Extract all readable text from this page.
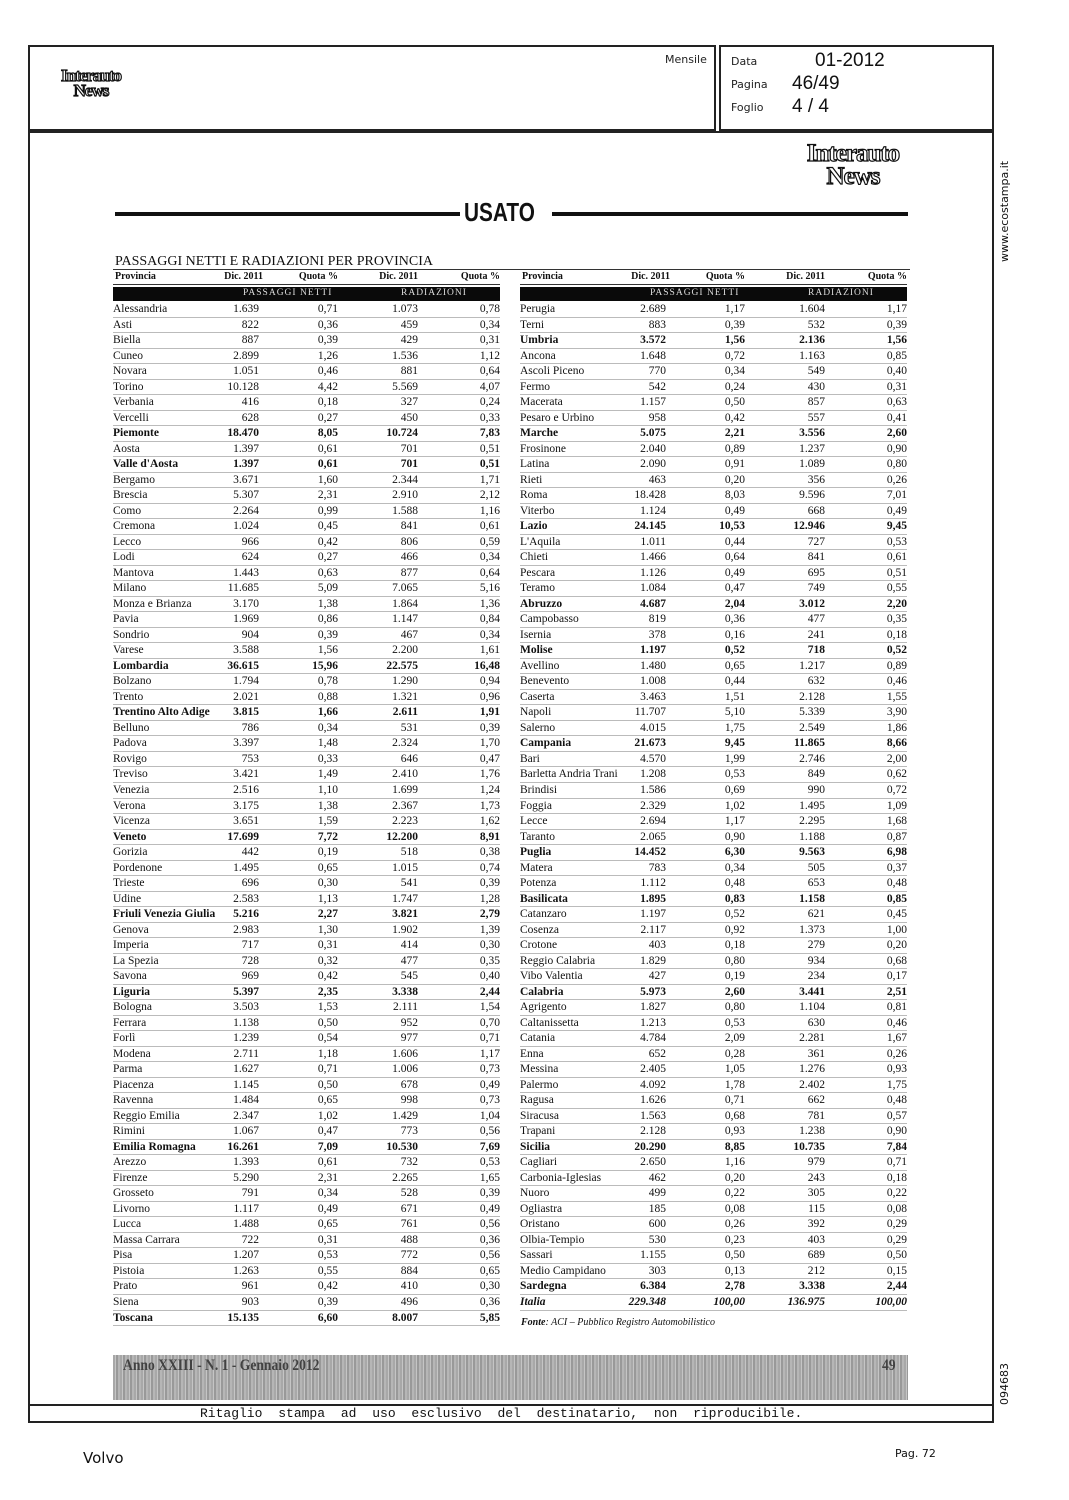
Interauto
News
Mensile Data	01-2012
Pagina 46/49
Foglio 4 / 4
www.ecostampa.it
094683
Interauto
News
USATO
PASSAGGI NETTI E RADIAZIONI PER PROVINCIA
Provincia	Dic. 2011	Quota %	Dic. 2011	Quota %
PASSAGGI NETTI	RADIAZIONI
Provincia	Dic. 2011	Quota %	Dic. 2011	Quota %
PASSAGGI NETTI	RADIAZIONI
Alessandria	1.639	0,71	1.073	0,78
Asti	822	0,36	459	0,34
Biella	887	0,39	429	0,31
Cuneo	2.899	1,26	1.536	1,12
Novara	1.051	0,46	881	0,64
Torino	10.128	4,42	5.569	4,07
Verbania	416	0,18	327	0,24
Vercelli	628	0,27	450	0,33
Piemonte	18.470	8,05	10.724	7,83
Aosta	1.397	0,61	701	0,51
Valle d'Aosta	1.397	0,61	701	0,51
Bergamo	3.671	1,60	2.344	1,71
Brescia	5.307	2,31	2.910	2,12
Como	2.264	0,99	1.588	1,16
Cremona	1.024	0,45	841	0,61
Lecco	966	0,42	806	0,59
Lodi	624	0,27	466	0,34
Mantova	1.443	0,63	877	0,64
Milano	11.685	5,09	7.065	5,16
Monza e Brianza	3.170	1,38	1.864	1,36
Pavia	1.969	0,86	1.147	0,84
Sondrio	904	0,39	467	0,34
Varese	3.588	1,56	2.200	1,61
Lombardia	36.615	15,96	22.575	16,48
Bolzano	1.794	0,78	1.290	0,94
Trento	2.021	0,88	1.321	0,96
Trentino Alto Adige 3.815	1,66	2.611	1,91
Belluno	786	0,34	531	0,39
Padova	3.397	1,48	2.324	1,70
Rovigo	753	0,33	646	0,47
Treviso	3.421	1,49	2.410	1,76
Venezia	2.516	1,10	1.699	1,24
Verona	3.175	1,38	2.367	1,73
Vicenza	3.651	1,59	2.223	1,62
Veneto	17.699	7,72	12.200	8,91
Gorizia	442	0,19	518	0,38
Pordenone	1.495	0,65	1.015	0,74
Trieste	696	0,30	541	0,39
Udine	2.583	1,13	1.747	1,28
Friuli Venezia Giulia 5.216	2,27	3.821	2,79
Genova	2.983	1,30	1.902	1,39
Imperia	717	0,31	414	0,30
La Spezia	728	0,32	477	0,35
Savona	969	0,42	545	0,40
Liguria	5.397	2,35	3.338	2,44
Bologna	3.503	1,53	2.111	1,54
Ferrara	1.138	0,50	952	0,70
Forlì	1.239	0,54	977	0,71
Modena	2.711	1,18	1.606	1,17
Parma	1.627	0,71	1.006	0,73
Piacenza	1.145	0,50	678	0,49
Ravenna	1.484	0,65	998	0,73
Reggio Emilia	2.347	1,02	1.429	1,04
Rimini	1.067	0,47	773	0,56
Emilia Romagna	16.261	7,09	10.530	7,69
Arezzo	1.393	0,61	732	0,53
Firenze	5.290	2,31	2.265	1,65
Grosseto	791	0,34	528	0,39
Livorno	1.117	0,49	671	0,49
Lucca	1.488	0,65	761	0,56
Massa Carrara	722	0,31	488	0,36
Pisa	1.207	0,53	772	0,56
Pistoia	1.263	0,55	884	0,65
Prato	961	0,42	410	0,30
Siena	903	0,39	496	0,36
Toscana	15.135	6,60	8.007	5,85
Perugia	2.689	1,17	1.604	1,17
Terni	883	0,39	532	0,39
Umbria	3.572	1,56	2.136	1,56
Ancona	1.648	0,72	1.163	0,85
Ascoli Piceno	770	0,34	549	0,40
Fermo	542	0,24	430	0,31
Macerata	1.157	0,50	857	0,63
Pesaro e Urbino	958	0,42	557	0,41
Marche	5.075	2,21	3.556	2,60
Frosinone	2.040	0,89	1.237	0,90
Latina	2.090	0,91	1.089	0,80
Rieti	463	0,20	356	0,26
Roma	18.428	8,03	9.596	7,01
Viterbo	1.124	0,49	668	0,49
Lazio	24.145	10,53	12.946	9,45
L'Aquila	1.011	0,44	727	0,53
Chieti	1.466	0,64	841	0,61
Pescara	1.126	0,49	695	0,51
Teramo	1.084	0,47	749	0,55
Abruzzo	4.687	2,04	3.012	2,20
Campobasso	819	0,36	477	0,35
Isernia	378	0,16	241	0,18
Molise	1.197	0,52	718	0,52
Avellino	1.480	0,65	1.217	0,89
Benevento	1.008	0,44	632	0,46
Caserta	3.463	1,51	2.128	1,55
Napoli	11.707	5,10	5.339	3,90
Salerno	4.015	1,75	2.549	1,86
Campania	21.673	9,45	11.865	8,66
Bari	4.570	1,99	2.746	2,00
Barletta Andria Trani 1.208	0,53	849	0,62
Brindisi	1.586	0,69	990	0,72
Foggia	2.329	1,02	1.495	1,09
Lecce	2.694	1,17	2.295	1,68
Taranto	2.065	0,90	1.188	0,87
Puglia	14.452	6,30	9.563	6,98
Matera	783	0,34	505	0,37
Potenza	1.112	0,48	653	0,48
Basilicata	1.895	0,83	1.158	0,85
Catanzaro	1.197	0,52	621	0,45
Cosenza	2.117	0,92	1.373	1,00
Crotone	403	0,18	279	0,20
Reggio Calabria	1.829	0,80	934	0,68
Vibo Valentia	427	0,19	234	0,17
Calabria	5.973	2,60	3.441	2,51
Agrigento	1.827	0,80	1.104	0,81
Caltanissetta	1.213	0,53	630	0,46
Catania	4.784	2,09	2.281	1,67
Enna	652	0,28	361	0,26
Messina	2.405	1,05	1.276	0,93
Palermo	4.092	1,78	2.402	1,75
Ragusa	1.626	0,71	662	0,48
Siracusa	1.563	0,68	781	0,57
Trapani	2.128	0,93	1.238	0,90
Sicilia	20.290	8,85	10.735	7,84
Cagliari	2.650	1,16	979	0,71
Carbonia-Iglesias	462	0,20	243	0,18
Nuoro	499	0,22	305	0,22
Ogliastra	185	0,08	115	0,08
Oristano	600	0,26	392	0,29
Olbia-Tempio	530	0,23	403	0,29
Sassari	1.155	0,50	689	0,50
Medio Campidano	303	0,13	212	0,15
Sardegna	6.384	2,78	3.338	2,44
Italia	229.348	100,00	136.975	100,00
Fonte: ACI – Pubblico Registro Automobilistico
Anno XXIII - N. 1 - Gennaio 2012	49
Ritaglio stampa ad uso esclusivo del destinatario, non riproducibile.
Volvo	Pag. 72
